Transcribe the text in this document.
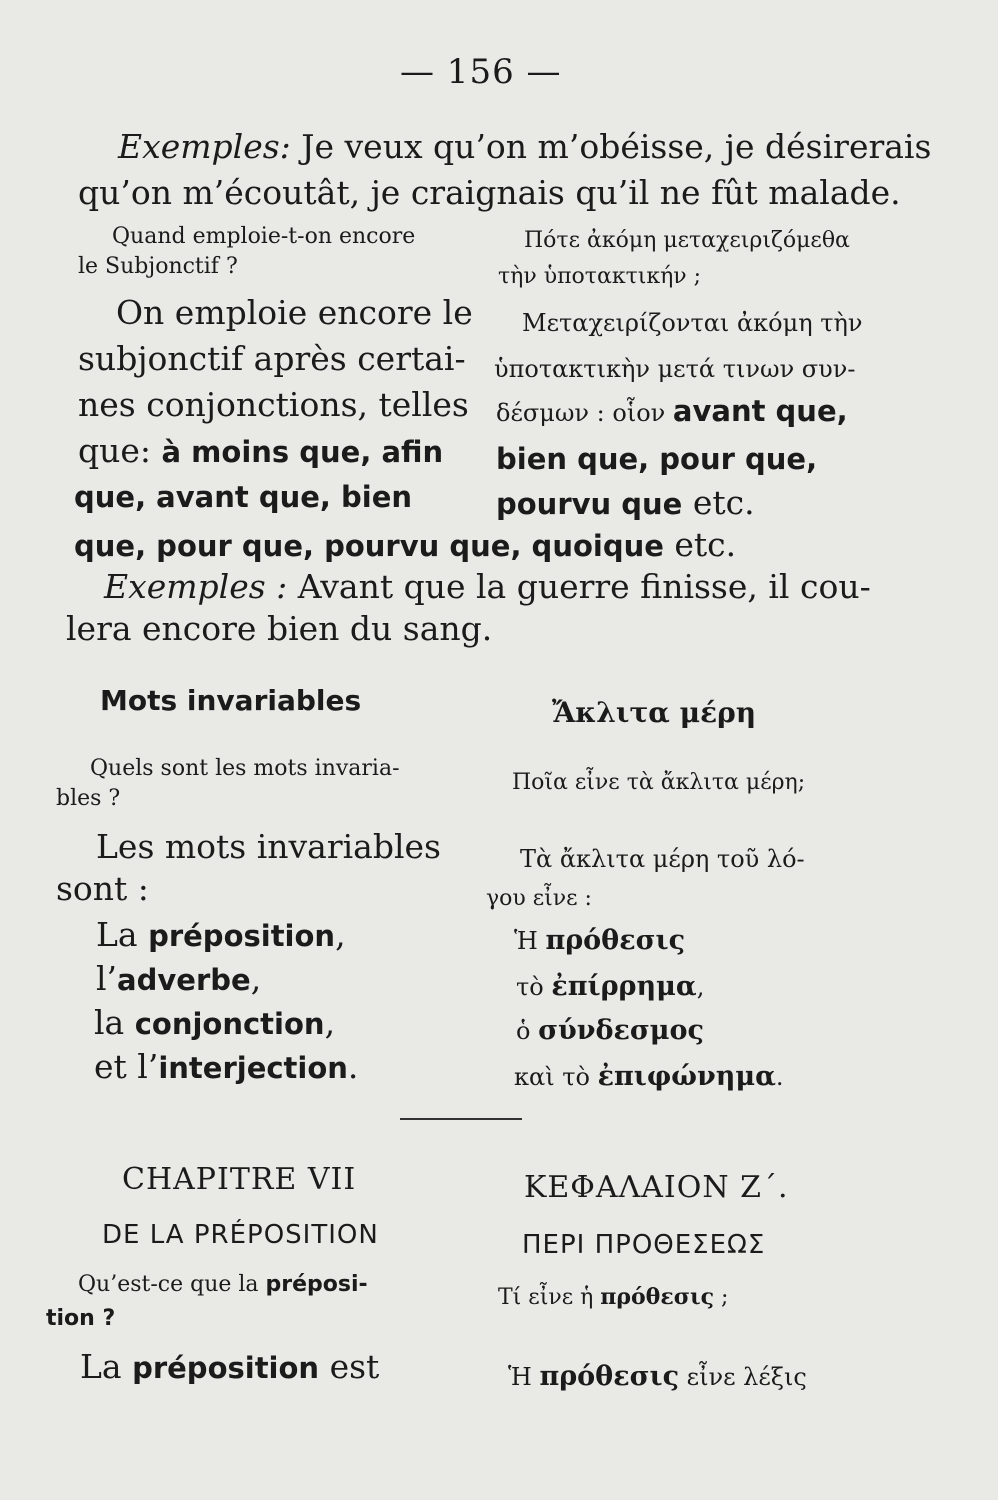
— 156 —
Exemples: Je veux qu’on m’obéisse, je désirerais
qu’on m’écoutât, je craignais qu’il ne fût malade.
Quand emploie-t-on encore
le Subjonctif ?
Πότε ἀκόμη μεταχειριζόμεθα
τὴν ὑποτακτικήν ;
On emploie encore le
subjonctif après certai-
nes conjonctions, telles
que: à moins que, afin
que, avant que, bien
que, pour que, pourvu que, quoique etc.
Μεταχειρίζονται ἀκόμη τὴν
ὑποτακτικὴν μετά τινων συν-
δέσμων : οἷον avant que,
bien que, pour que,
pourvu que etc.
Exemples : Avant que la guerre finisse, il cou-
lera encore bien du sang.
Mots invariables	Ἄκλιτα μέρη
Quels sont les mots invaria-
bles ?
Ποῖα εἶνε τὰ ἄκλιτα μέρη;
Les mots invariables
sont :
Τὰ ἄκλιτα μέρη τοῦ λό-
γου εἶνε :
La préposition,
l’adverbe,
la conjonction,
et l’interjection.
Ἡ πρόθεσις
τὸ ἐπίρρημα,
ὁ σύνδεσμος
καὶ τὸ ἐπιφώνημα.
CHAPITRE VII	ΚΕΦΑΛΑΙΟΝ Ζ΄.
DE LA PRÉPOSITION	ΠΕΡΙ ΠΡΟΘΕΣΕΩΣ
Qu’est-ce que la préposi-
tion ?
Τί εἶνε ἡ πρόθεσις ;
La préposition est	Ἡ πρόθεσις εἶνε λέξις
